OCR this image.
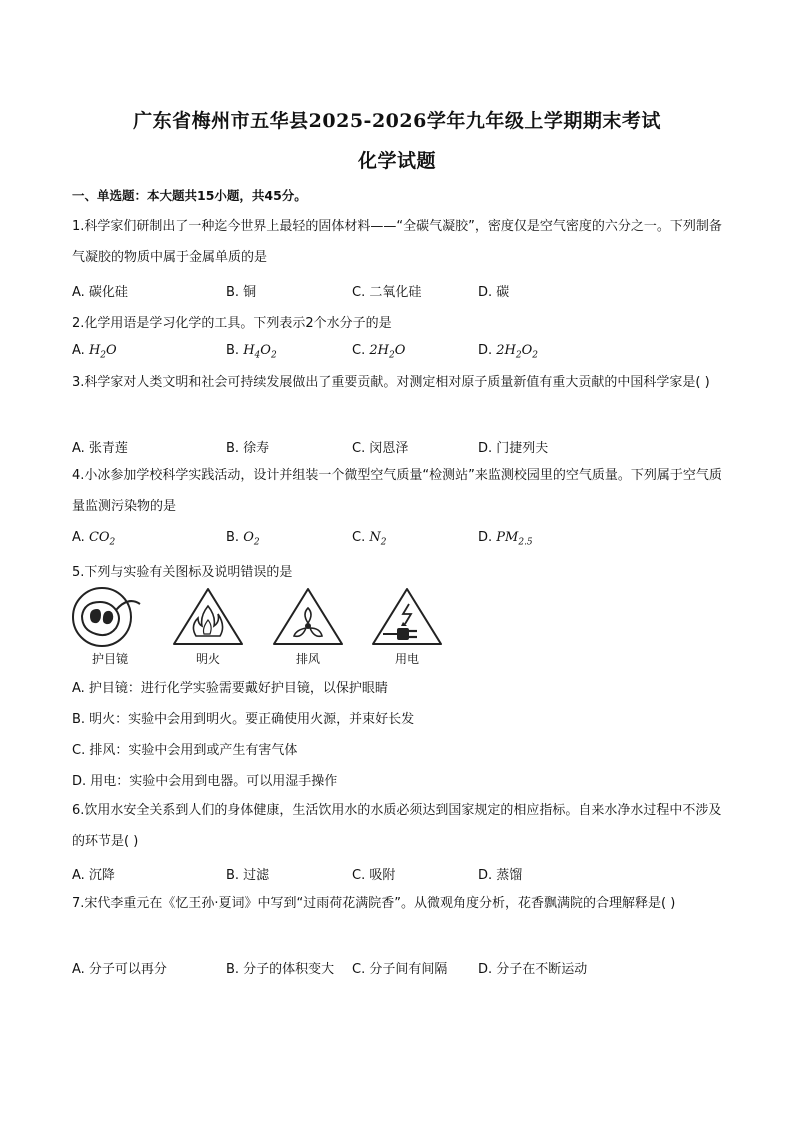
广东省梅州市五华县2025-2026学年九年级上学期期末考试
化学试题
一、单选题：本大题共15小题，共45分。
1.科学家们研制出了一种迄今世界上最轻的固体材料——“全碳气凝胶”，密度仅是空气密度的六分之一。下列制备气凝胶的物质中属于金属单质的是
A. 碳化硅	B. 铜	C. 二氧化硅	D. 碳
2.化学用语是学习化学的工具。下列表示2个水分子的是
A. $H_2O$	B. $H_4O_2$	C. $2H_2O$	D. $2H_2O_2$
3.科学家对人类文明和社会可持续发展做出了重要贡献。对测定相对原子质量新值有重大贡献的中国科学家是( )
A. 张青莲	B. 徐寿	C. 闵恩泽	D. 门捷列夫
4.小冰参加学校科学实践活动，设计并组装一个微型空气质量“检测站”来监测校园里的空气质量。下列属于空气质量监测污染物的是
A. $CO_2$	B. $O_2$	C. $N_2$	D. $PM_{2.5}$
5.下列与实验有关图标及说明错误的是
护目镜	明火	排风	用电
A. 护目镜：进行化学实验需要戴好护目镜，以保护眼睛
B. 明火：实验中会用到明火。要正确使用火源，并束好长发
C. 排风：实验中会用到或产生有害气体
D. 用电：实验中会用到电器。可以用湿手操作
6.饮用水安全关系到人们的身体健康，生活饮用水的水质必须达到国家规定的相应指标。自来水净水过程中不涉及的环节是( )
A. 沉降	B. 过滤	C. 吸附	D. 蒸馏
7.宋代李重元在《忆王孙·夏词》中写到“过雨荷花满院香”。从微观角度分析，花香飘满院的合理解释是( )
A. 分子可以再分	B. 分子的体积变大 C. 分子间有间隔 D. 分子在不断运动
